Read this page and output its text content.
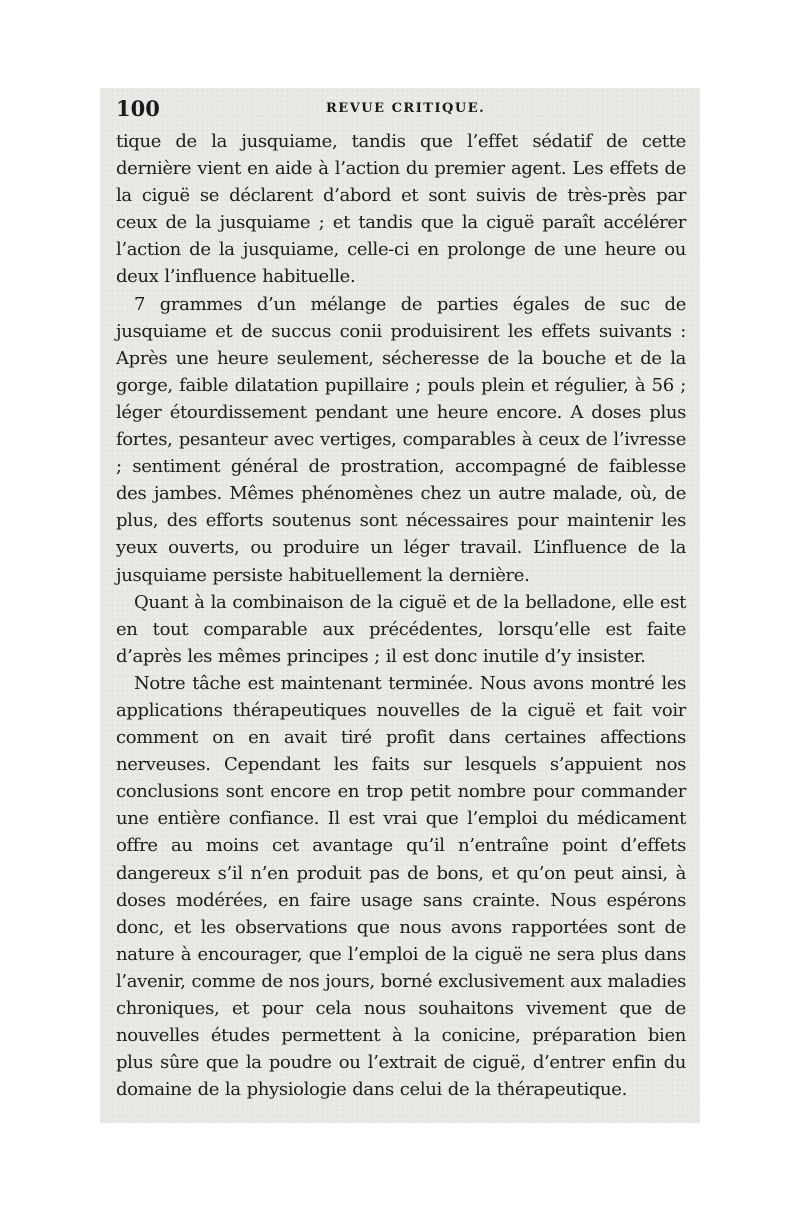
100	REVUE CRITIQUE.

tique de la jusquiame, tandis que l’effet sédatif de cette dernière vient en aide à l’action du premier agent. Les effets de la ciguë se déclarent d’abord et sont suivis de très-près par ceux de la jusquiame ; et tandis que la ciguë paraît accélérer l’action de la jusquiame, celle-ci en prolonge de une heure ou deux l’influence habituelle.

7 grammes d’un mélange de parties égales de suc de jusquiame et de succus conii produisirent les effets suivants : Après une heure seulement, sécheresse de la bouche et de la gorge, faible dilatation pupillaire ; pouls plein et régulier, à 56 ; léger étourdissement pendant une heure encore. A doses plus fortes, pesanteur avec vertiges, comparables à ceux de l’ivresse ; sentiment général de prostration, accompagné de faiblesse des jambes. Mêmes phénomènes chez un autre malade, où, de plus, des efforts soutenus sont nécessaires pour maintenir les yeux ouverts, ou produire un léger travail. L’influence de la jusquiame persiste habituellement la dernière.

Quant à la combinaison de la ciguë et de la belladone, elle est en tout comparable aux précédentes, lorsqu’elle est faite d’après les mêmes principes ; il est donc inutile d’y insister.

Notre tâche est maintenant terminée. Nous avons montré les applications thérapeutiques nouvelles de la ciguë et fait voir comment on en avait tiré profit dans certaines affections nerveuses. Cependant les faits sur lesquels s’appuient nos conclusions sont encore en trop petit nombre pour commander une entière confiance. Il est vrai que l’emploi du médicament offre au moins cet avantage qu’il n’entraîne point d’effets dangereux s’il n’en produit pas de bons, et qu’on peut ainsi, à doses modérées, en faire usage sans crainte. Nous espérons donc, et les observations que nous avons rapportées sont de nature à encourager, que l’emploi de la ciguë ne sera plus dans l’avenir, comme de nos jours, borné exclusivement aux maladies chroniques, et pour cela nous souhaitons vivement que de nouvelles études permettent à la conicine, préparation bien plus sûre que la poudre ou l’extrait de ciguë, d’entrer enfin du domaine de la physiologie dans celui de la thérapeutique.
